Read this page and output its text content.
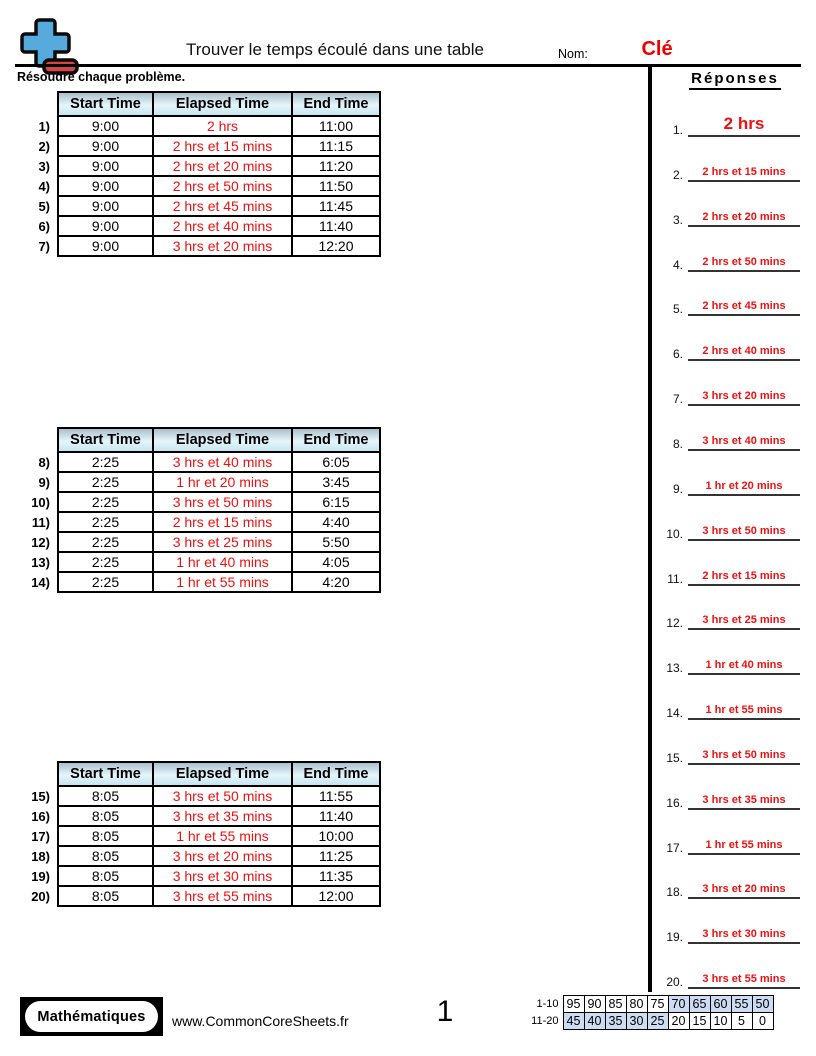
Trouver le temps écoulé dans une table	Nom:	Clé
Résoudre chaque problème.	Réponses
1.	2 hrs
2.	2 hrs et 15 mins
3.	2 hrs et 20 mins
4.	2 hrs et 50 mins
5.	2 hrs et 45 mins
6.	2 hrs et 40 mins
7.	3 hrs et 20 mins
8.	3 hrs et 40 mins
9.	1 hr et 20 mins
10.	3 hrs et 50 mins
11.	2 hrs et 15 mins
12.	3 hrs et 25 mins
13.	1 hr et 40 mins
14.	1 hr et 55 mins
15.	3 hrs et 50 mins
16.	3 hrs et 35 mins
17.	1 hr et 55 mins
18.	3 hrs et 20 mins
19.	3 hrs et 30 mins
20.	3 hrs et 55 mins
	Start Time	Elapsed Time	End Time
1)	9:00	2 hrs	11:00
2)	9:00	2 hrs et 15 mins	11:15
3)	9:00	2 hrs et 20 mins	11:20
4)	9:00	2 hrs et 50 mins	11:50
5)	9:00	2 hrs et 45 mins	11:45
6)	9:00	2 hrs et 40 mins	11:40
7)	9:00	3 hrs et 20 mins	12:20
	Start Time	Elapsed Time	End Time
8)	2:25	3 hrs et 40 mins	6:05
9)	2:25	1 hr et 20 mins	3:45
10)	2:25	3 hrs et 50 mins	6:15
11)	2:25	2 hrs et 15 mins	4:40
12)	2:25	3 hrs et 25 mins	5:50
13)	2:25	1 hr et 40 mins	4:05
14)	2:25	1 hr et 55 mins	4:20
	Start Time	Elapsed Time	End Time
15)	8:05	3 hrs et 50 mins	11:55
16)	8:05	3 hrs et 35 mins	11:40
17)	8:05	1 hr et 55 mins	10:00
18)	8:05	3 hrs et 20 mins	11:25
19)	8:05	3 hrs et 30 mins	11:35
20)	8:05	3 hrs et 55 mins	12:00
Mathématiques	www.CommonCoreSheets.fr	1	1-10	95	90	85	80	75	70	65	60	55	50
11-20	45	40	35	30	25	20	15	10	5	0
